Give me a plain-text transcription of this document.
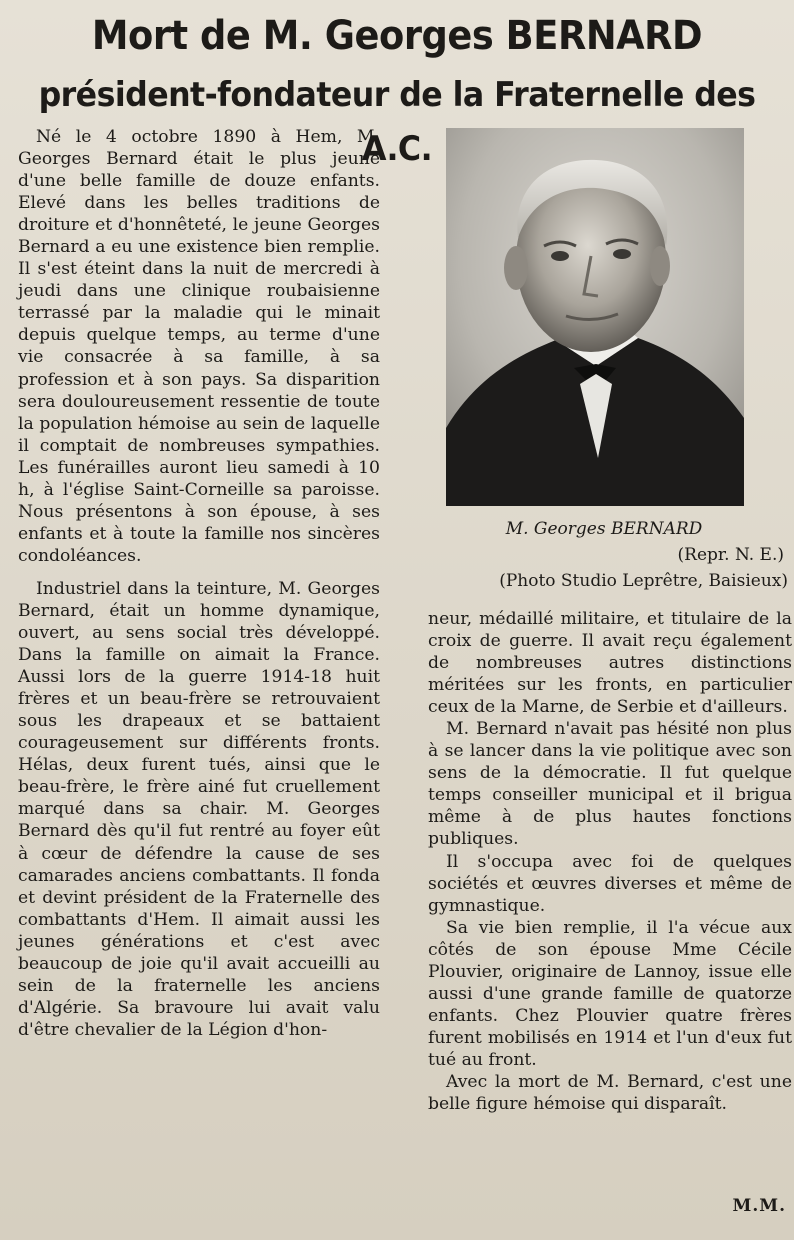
Mort de M. Georges BERNARD
président-fondateur de la Fraternelle des A.C.

Né le 4 octobre 1890 à Hem, M. Georges Bernard était le plus jeune d'une belle famille de douze enfants. Elevé dans les belles traditions de droiture et d'honnêteté, le jeune Georges Bernard a eu une existence bien remplie. Il s'est éteint dans la nuit de mercredi à jeudi dans une clinique roubaisienne terrassé par la maladie qui le minait depuis quelque temps, au terme d'une vie consacrée à sa famille, à sa profession et à son pays. Sa disparition sera douloureusement ressentie de toute la population hémoise au sein de laquelle il comptait de nombreuses sympathies. Les funérailles auront lieu samedi à 10 h, à l'église Saint-Corneille sa paroisse. Nous présentons à son épouse, à ses enfants et à toute la famille nos sincères condoléances.

Industriel dans la teinture, M. Georges Bernard, était un homme dynamique, ouvert, au sens social très développé. Dans la famille on aimait la France. Aussi lors de la guerre 1914-18 huit frères et un beau-frère se retrouvaient sous les drapeaux et se battaient courageusement sur différents fronts. Hélas, deux furent tués, ainsi que le beau-frère, le frère ainé fut cruellement marqué dans sa chair. M. Georges Bernard dès qu'il fut rentré au foyer eût à cœur de défendre la cause de ses camarades anciens combattants. Il fonda et devint président de la Fraternelle des combattants d'Hem. Il aimait aussi les jeunes générations et c'est avec beaucoup de joie qu'il avait accueilli au sein de la fraternelle les anciens d'Algérie. Sa bravoure lui avait valu d'être chevalier de la Légion d'hon-

M. Georges BERNARD
(Repr. N. E.)
(Photo Studio Leprêtre, Baisieux)

neur, médaillé militaire, et titulaire de la croix de guerre. Il avait reçu également de nombreuses autres distinctions méritées sur les fronts, en particulier ceux de la Marne, de Serbie et d'ailleurs.

M. Bernard n'avait pas hésité non plus à se lancer dans la vie politique avec son sens de la démocratie. Il fut quelque temps conseiller municipal et il brigua même à de plus hautes fonctions publiques.

Il s'occupa avec foi de quelques sociétés et œuvres diverses et même de gymnastique.

Sa vie bien remplie, il l'a vécue aux côtés de son épouse Mme Cécile Plouvier, originaire de Lannoy, issue elle aussi d'une grande famille de quatorze enfants. Chez Plouvier quatre frères furent mobilisés en 1914 et l'un d'eux fut tué au front.

Avec la mort de M. Bernard, c'est une belle figure hémoise qui disparaît.

M.M.
